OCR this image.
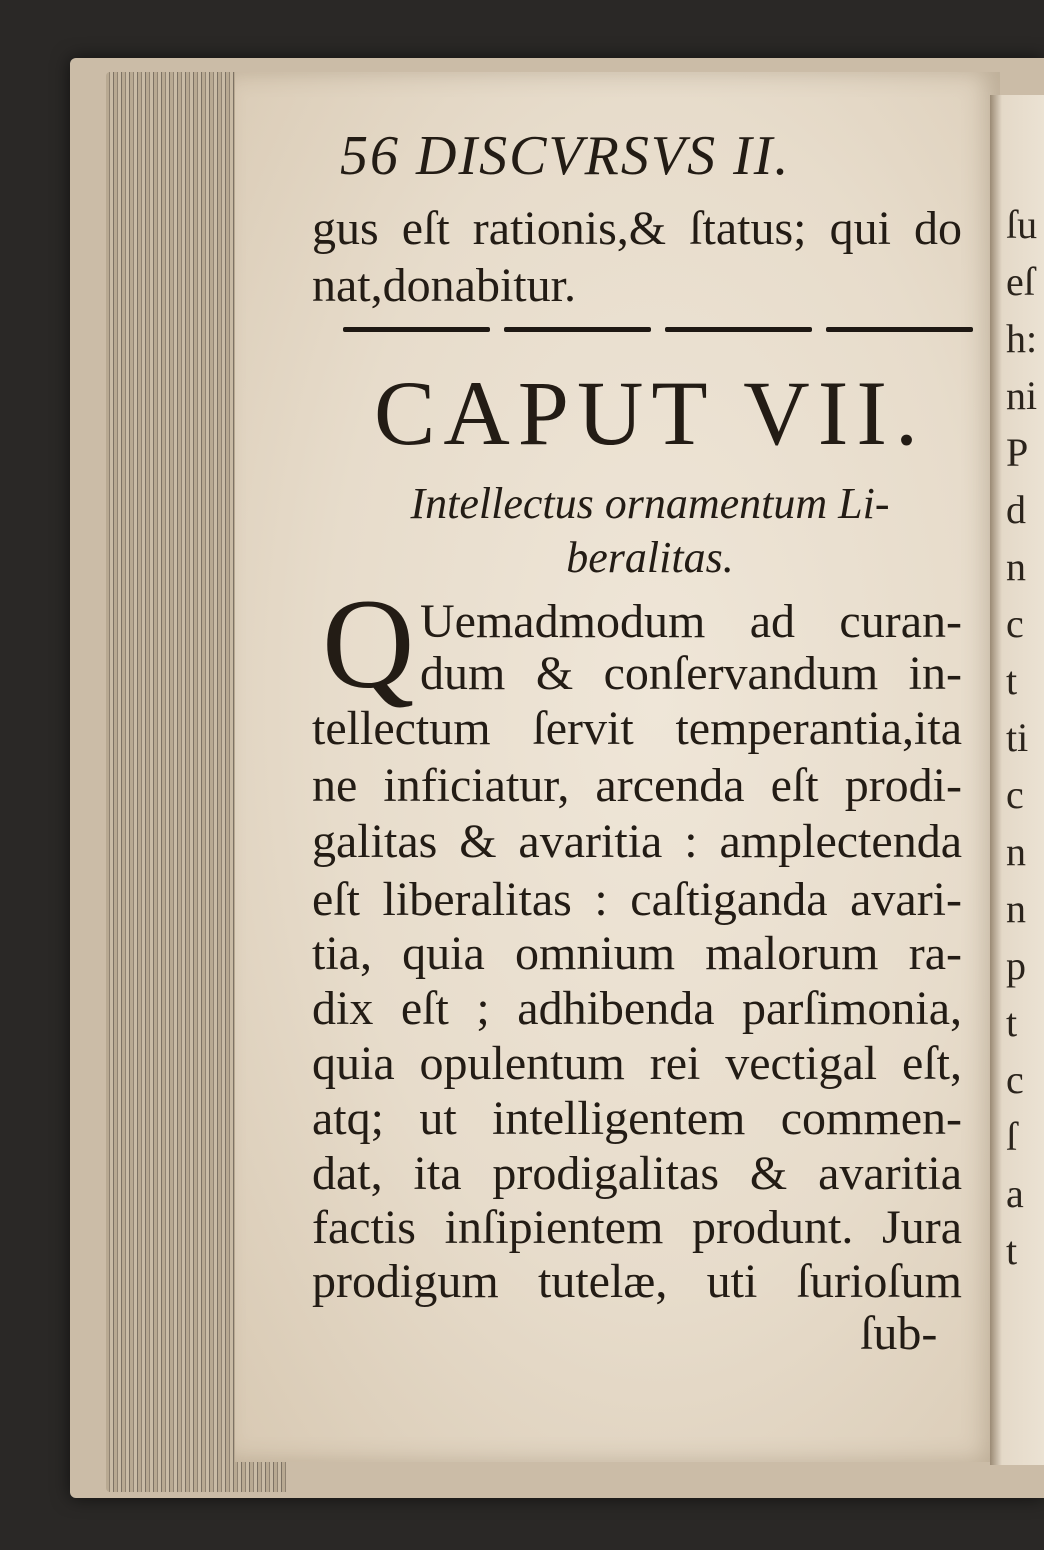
ſu
eſ
h:
ni
P
d
n
c
t
ti
c
n
n
p
t
c
ſ
a
t
56 DISCVRSVS II.
gus eſt rationis,& ſtatus; qui do
nat,donabitur.
CAPUT VII.
Intellectus ornamentum Li-
beralitas.
Q Uemadmodum ad curan-
dum & conſervandum in-
tellectum ſervit temperantia,ita
ne inficiatur, arcenda eſt prodi-
galitas & avaritia : amplectenda
eſt liberalitas : caſtiganda avari-
tia, quia omnium malorum ra-
dix eſt ; adhibenda parſimonia,
quia opulentum rei vectigal eſt,
atq; ut intelligentem commen-
dat, ita prodigalitas & avaritia
factis inſipientem produnt. Jura
prodigum tutelæ, uti ſurioſum
ſub-
